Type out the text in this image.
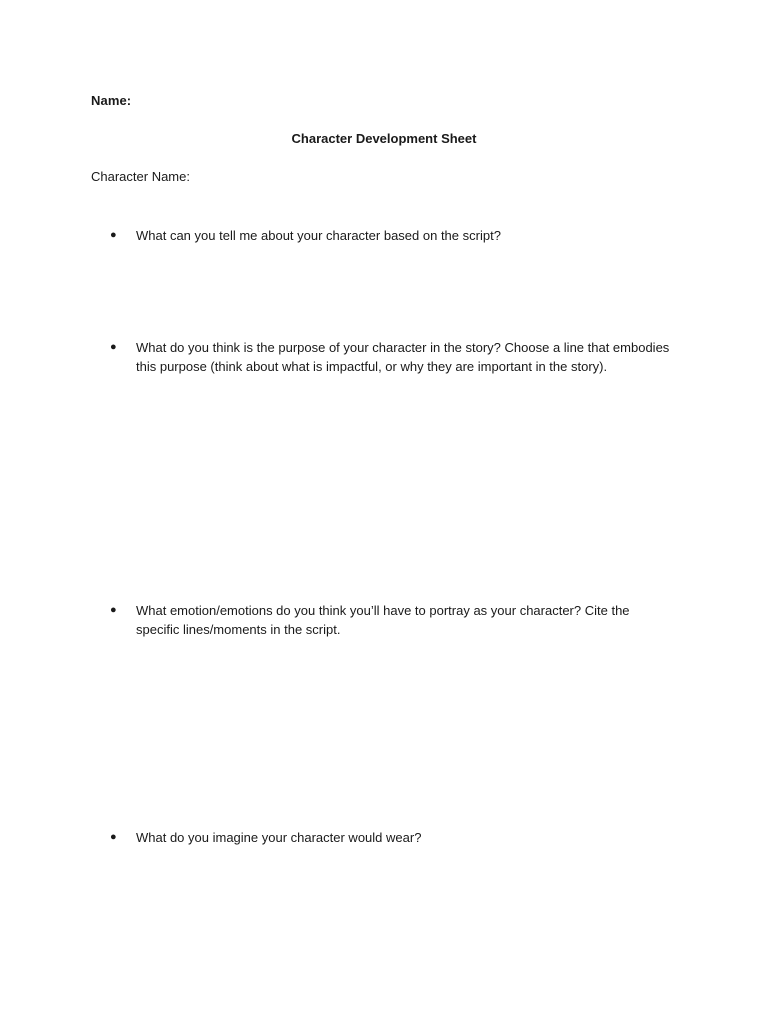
Name:
Character Development Sheet
Character Name:
●	What can you tell me about your character based on the script?
●	What do you think is the purpose of your character in the story? Choose a line that embodies this purpose (think about what is impactful, or why they are important in the story).
●	What emotion/emotions do you think you’ll have to portray as your character? Cite the specific lines/moments in the script.
●	What do you imagine your character would wear?
